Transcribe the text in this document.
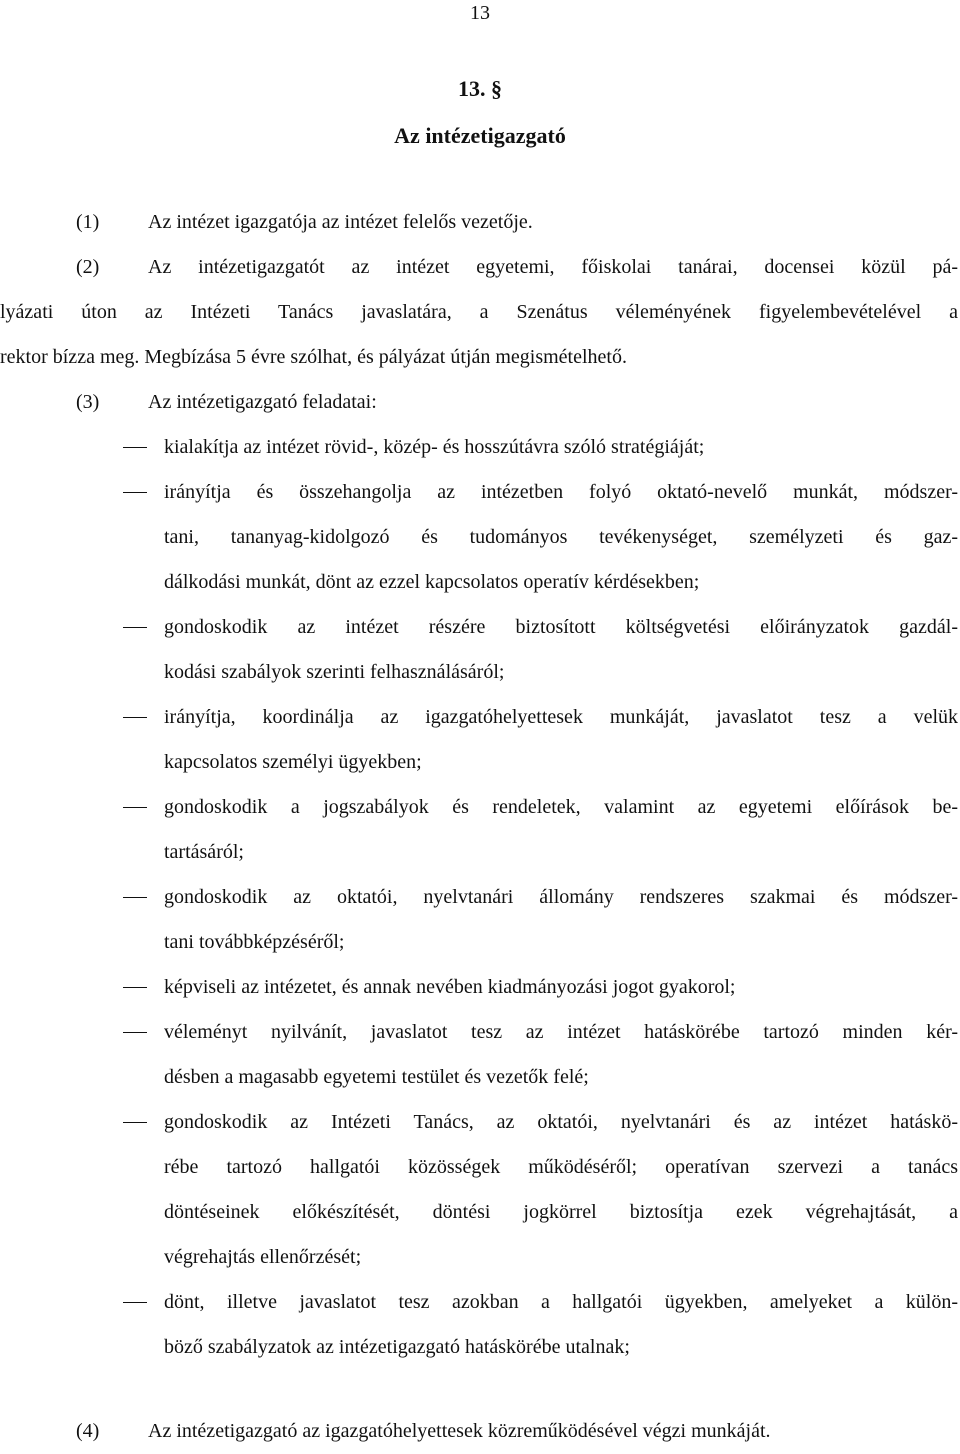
13
13. §
Az intézetigazgató
(1) Az intézet igazgatója az intézet felelős vezetője.
(2) Az intézetigazgatót az intézet egyetemi, főiskolai tanárai, docensei közül pá-
lyázati úton az Intézeti Tanács javaslatára, a Szenátus véleményének figyelembevételével a
rektor bízza meg. Megbízása 5 évre szólhat, és pályázat útján megismételhető.
(3) Az intézetigazgató feladatai:
kialakítja az intézet rövid-, közép- és hosszútávra szóló stratégiáját;
irányítja és összehangolja az intézetben folyó oktató-nevelő munkát, módszer-
tani, tananyag-kidolgozó és tudományos tevékenységet, személyzeti és gaz-
dálkodási munkát, dönt az ezzel kapcsolatos operatív kérdésekben;
gondoskodik az intézet részére biztosított költségvetési előirányzatok gazdál-
kodási szabályok szerinti felhasználásáról;
irányítja, koordinálja az igazgatóhelyettesek munkáját, javaslatot tesz a velük
kapcsolatos személyi ügyekben;
gondoskodik a jogszabályok és rendeletek, valamint az egyetemi előírások be-
tartásáról;
gondoskodik az oktatói, nyelvtanári állomány rendszeres szakmai és módszer-
tani továbbképzéséről;
képviseli az intézetet, és annak nevében kiadmányozási jogot gyakorol;
véleményt nyilvánít, javaslatot tesz az intézet hatáskörébe tartozó minden kér-
désben a magasabb egyetemi testület és vezetők felé;
gondoskodik az Intézeti Tanács, az oktatói, nyelvtanári és az intézet hatáskö-
rébe tartozó hallgatói közösségek működéséről; operatívan szervezi a tanács
döntéseinek előkészítését, döntési jogkörrel biztosítja ezek végrehajtását, a
végrehajtás ellenőrzését;
dönt, illetve javaslatot tesz azokban a hallgatói ügyekben, amelyeket a külön-
böző szabályzatok az intézetigazgató hatáskörébe utalnak;
(4) Az intézetigazgató az igazgatóhelyettesek közreműködésével végzi munkáját.
